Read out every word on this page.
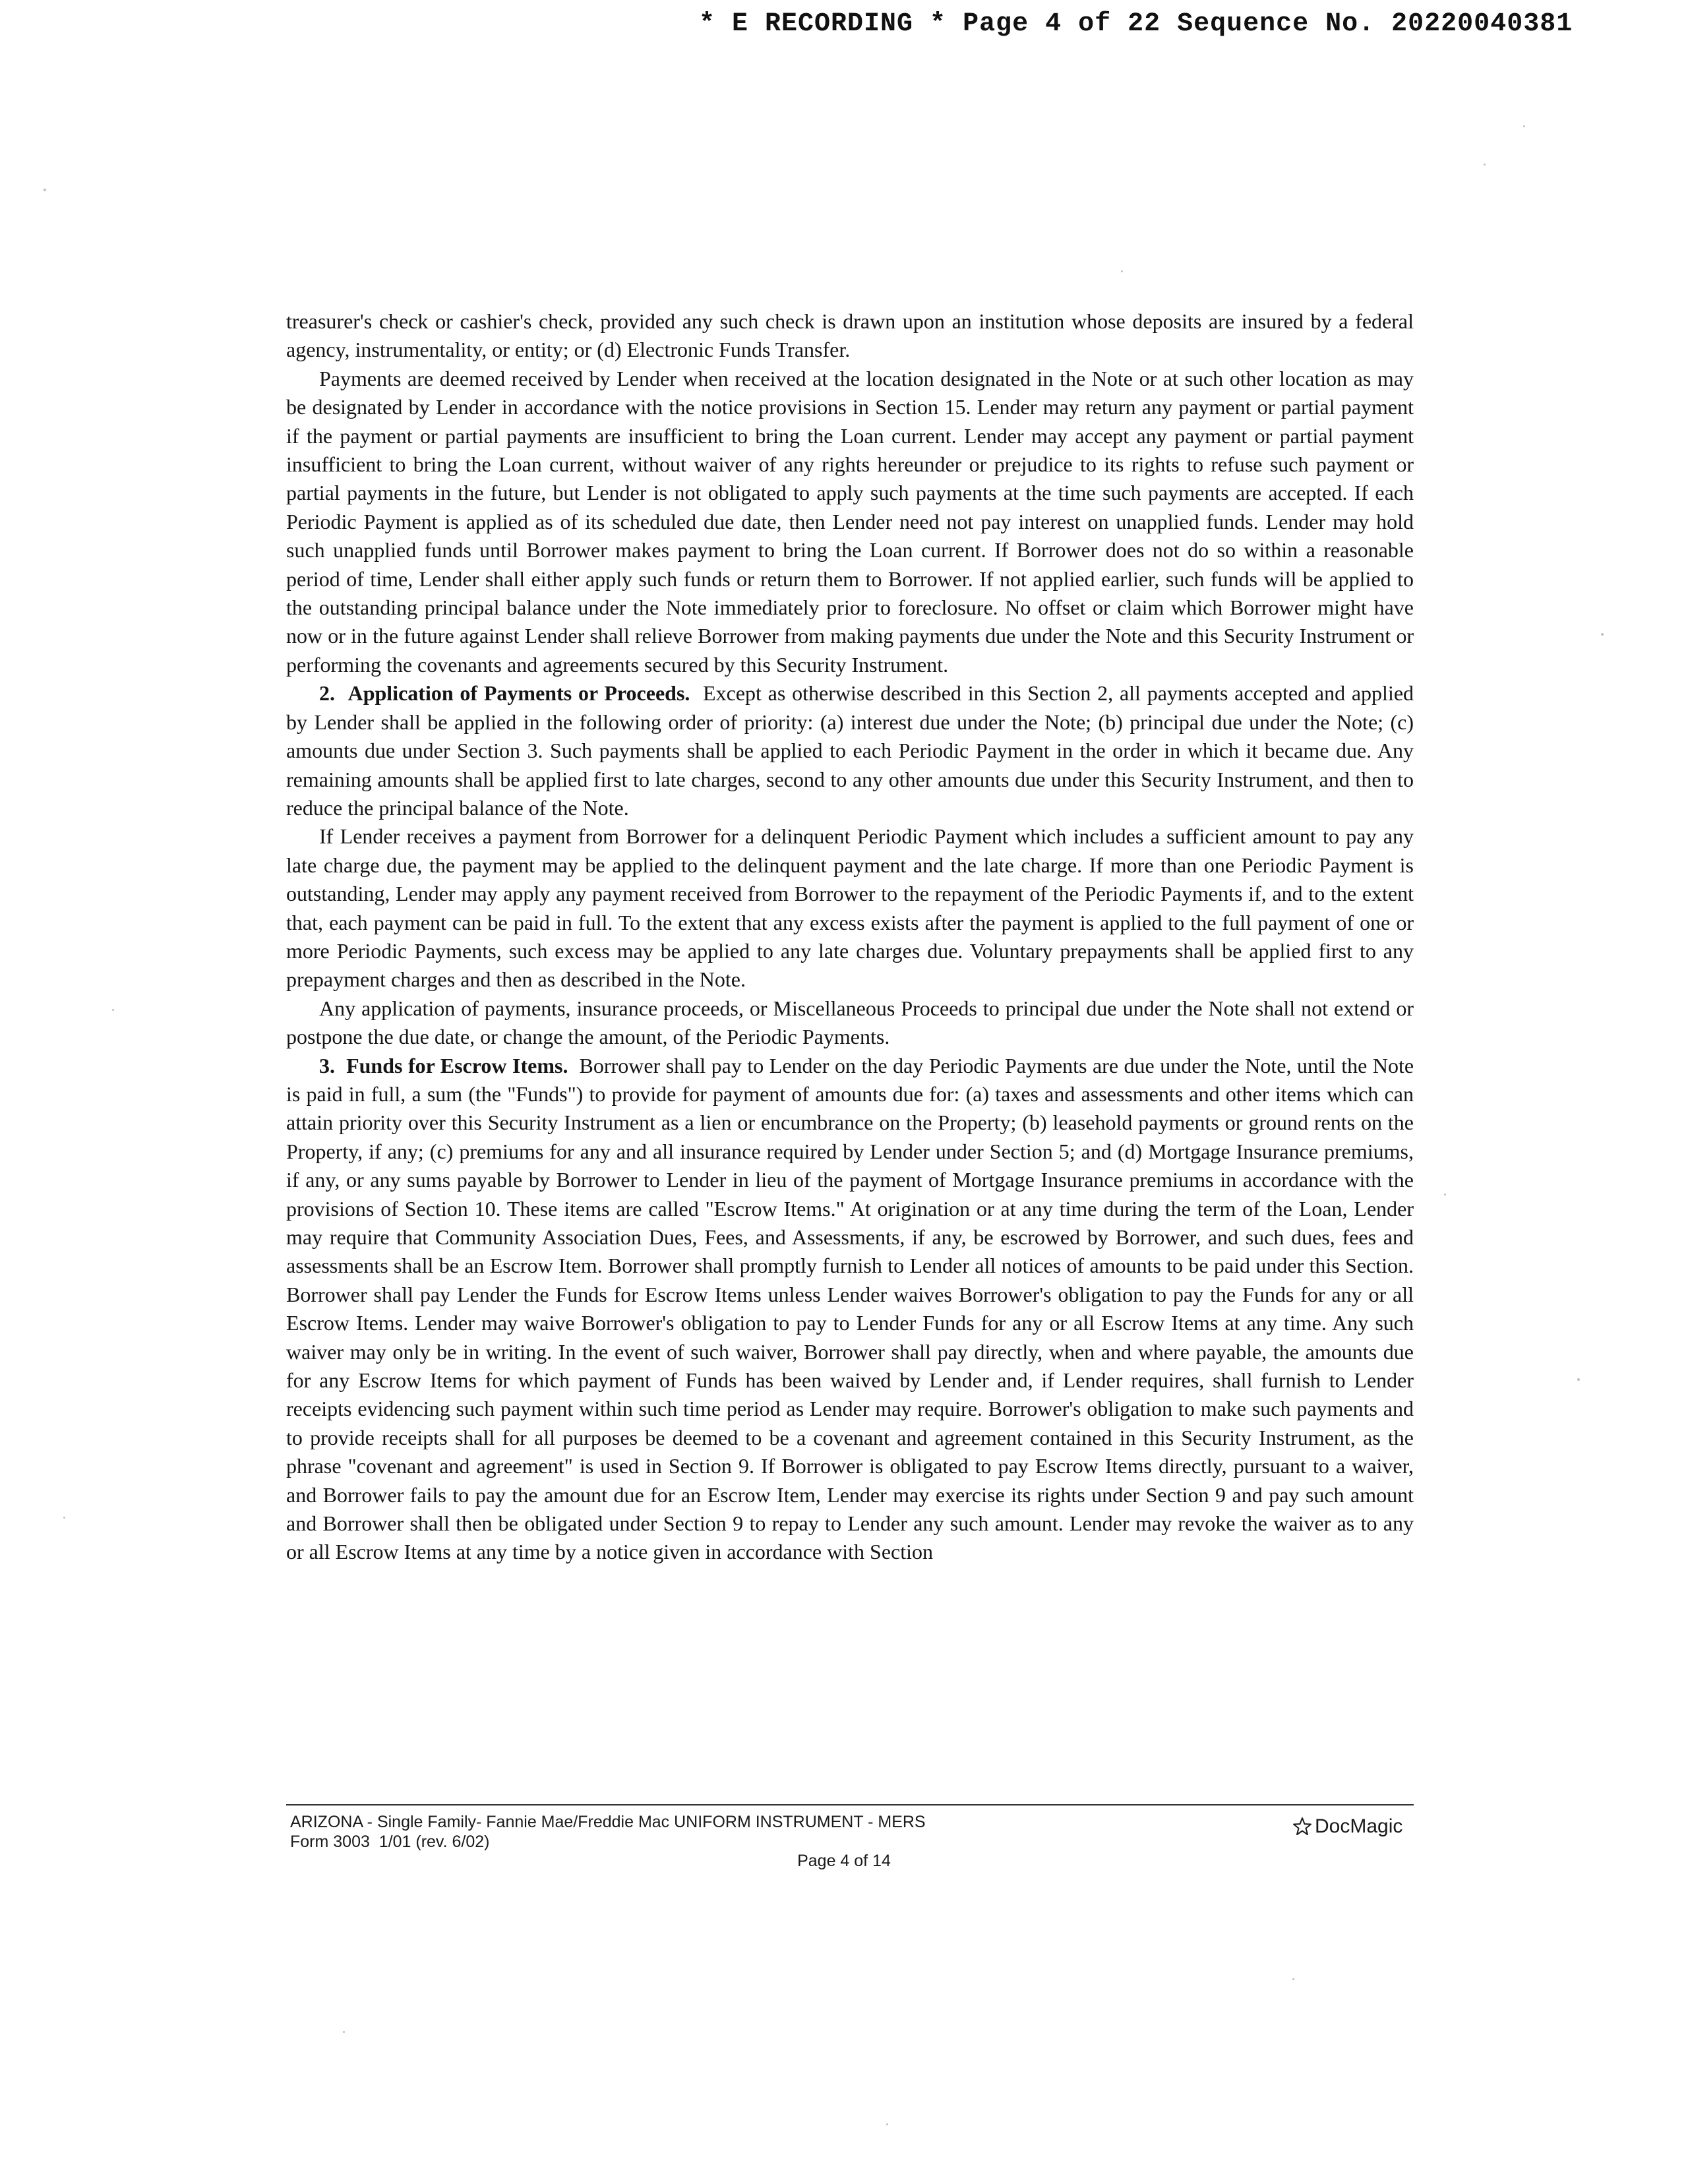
* E RECORDING * Page 4 of 22 Sequence No. 20220040381

treasurer's check or cashier's check, provided any such check is drawn upon an institution whose deposits are insured by a federal agency, instrumentality, or entity; or (d) Electronic Funds Transfer.

Payments are deemed received by Lender when received at the location designated in the Note or at such other location as may be designated by Lender in accordance with the notice provisions in Section 15. Lender may return any payment or partial payment if the payment or partial payments are insufficient to bring the Loan current. Lender may accept any payment or partial payment insufficient to bring the Loan current, without waiver of any rights hereunder or prejudice to its rights to refuse such payment or partial payments in the future, but Lender is not obligated to apply such payments at the time such payments are accepted. If each Periodic Payment is applied as of its scheduled due date, then Lender need not pay interest on unapplied funds. Lender may hold such unapplied funds until Borrower makes payment to bring the Loan current. If Borrower does not do so within a reasonable period of time, Lender shall either apply such funds or return them to Borrower. If not applied earlier, such funds will be applied to the outstanding principal balance under the Note immediately prior to foreclosure. No offset or claim which Borrower might have now or in the future against Lender shall relieve Borrower from making payments due under the Note and this Security Instrument or performing the covenants and agreements secured by this Security Instrument.

2. Application of Payments or Proceeds. Except as otherwise described in this Section 2, all payments accepted and applied by Lender shall be applied in the following order of priority: (a) interest due under the Note; (b) principal due under the Note; (c) amounts due under Section 3. Such payments shall be applied to each Periodic Payment in the order in which it became due. Any remaining amounts shall be applied first to late charges, second to any other amounts due under this Security Instrument, and then to reduce the principal balance of the Note.

If Lender receives a payment from Borrower for a delinquent Periodic Payment which includes a sufficient amount to pay any late charge due, the payment may be applied to the delinquent payment and the late charge. If more than one Periodic Payment is outstanding, Lender may apply any payment received from Borrower to the repayment of the Periodic Payments if, and to the extent that, each payment can be paid in full. To the extent that any excess exists after the payment is applied to the full payment of one or more Periodic Payments, such excess may be applied to any late charges due. Voluntary prepayments shall be applied first to any prepayment charges and then as described in the Note.

Any application of payments, insurance proceeds, or Miscellaneous Proceeds to principal due under the Note shall not extend or postpone the due date, or change the amount, of the Periodic Payments.

3. Funds for Escrow Items. Borrower shall pay to Lender on the day Periodic Payments are due under the Note, until the Note is paid in full, a sum (the "Funds") to provide for payment of amounts due for: (a) taxes and assessments and other items which can attain priority over this Security Instrument as a lien or encumbrance on the Property; (b) leasehold payments or ground rents on the Property, if any; (c) premiums for any and all insurance required by Lender under Section 5; and (d) Mortgage Insurance premiums, if any, or any sums payable by Borrower to Lender in lieu of the payment of Mortgage Insurance premiums in accordance with the provisions of Section 10. These items are called "Escrow Items." At origination or at any time during the term of the Loan, Lender may require that Community Association Dues, Fees, and Assessments, if any, be escrowed by Borrower, and such dues, fees and assessments shall be an Escrow Item. Borrower shall promptly furnish to Lender all notices of amounts to be paid under this Section. Borrower shall pay Lender the Funds for Escrow Items unless Lender waives Borrower's obligation to pay the Funds for any or all Escrow Items. Lender may waive Borrower's obligation to pay to Lender Funds for any or all Escrow Items at any time. Any such waiver may only be in writing. In the event of such waiver, Borrower shall pay directly, when and where payable, the amounts due for any Escrow Items for which payment of Funds has been waived by Lender and, if Lender requires, shall furnish to Lender receipts evidencing such payment within such time period as Lender may require. Borrower's obligation to make such payments and to provide receipts shall for all purposes be deemed to be a covenant and agreement contained in this Security Instrument, as the phrase "covenant and agreement" is used in Section 9. If Borrower is obligated to pay Escrow Items directly, pursuant to a waiver, and Borrower fails to pay the amount due for an Escrow Item, Lender may exercise its rights under Section 9 and pay such amount and Borrower shall then be obligated under Section 9 to repay to Lender any such amount. Lender may revoke the waiver as to any or all Escrow Items at any time by a notice given in accordance with Section

ARIZONA - Single Family- Fannie Mae/Freddie Mac UNIFORM INSTRUMENT - MERS
Form 3003  1/01 (rev. 6/02)
DocMagic
Page 4 of 14
